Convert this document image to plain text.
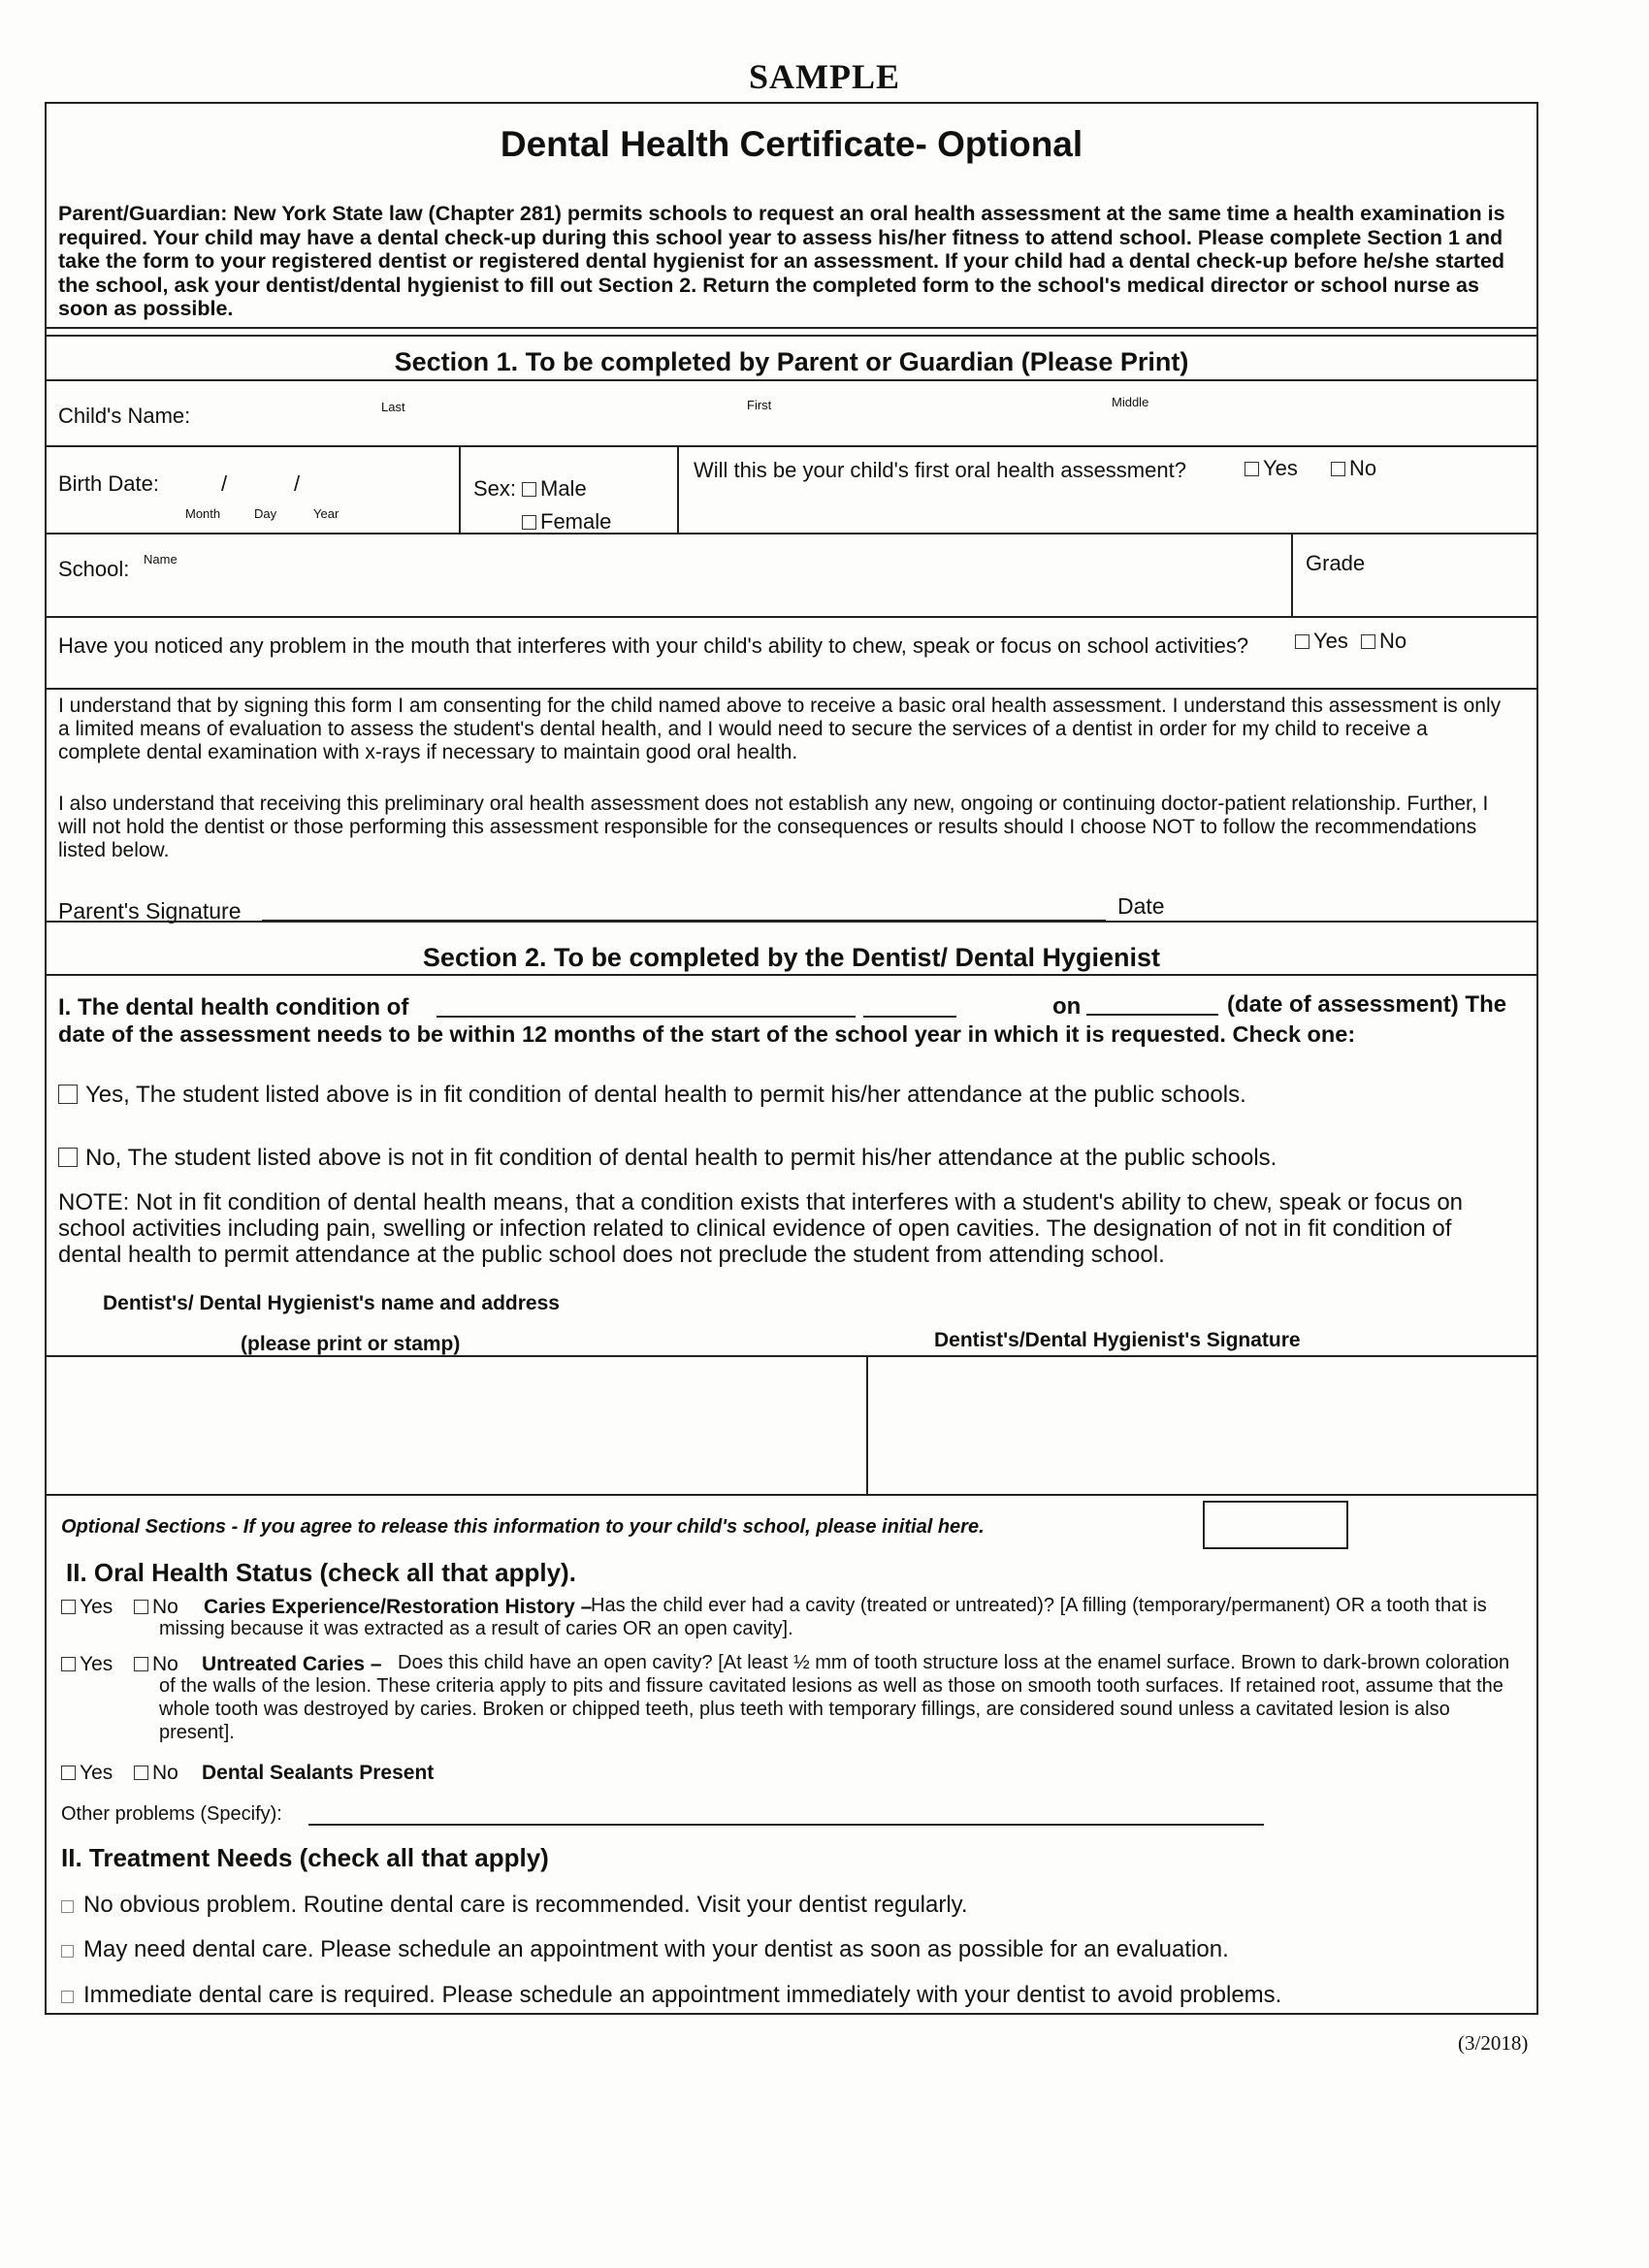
SAMPLE
Dental Health Certificate- Optional
Parent/Guardian: New York State law (Chapter 281) permits schools to request an oral health assessment at the same time a health examination is required. Your child may have a dental check-up during this school year to assess his/her fitness to attend school. Please complete Section 1 and take the form to your registered dentist or registered dental hygienist for an assessment. If your child had a dental check-up before he/she started the school, ask your dentist/dental hygienist to fill out Section 2. Return the completed form to the school's medical director or school nurse as soon as possible.
Section 1. To be completed by Parent or Guardian (Please Print)
Child's Name:	Last	First	Middle
Birth Date:	/	/
Month	Day	Year
Sex:	Male
Female
Will this be your child's first oral health assessment?	Yes	No
School: Name	Grade
Have you noticed any problem in the mouth that interferes with your child's ability to chew, speak or focus on school activities?	Yes	No
I understand that by signing this form I am consenting for the child named above to receive a basic oral health assessment. I understand this assessment is only a limited means of evaluation to assess the student's dental health, and I would need to secure the services of a dentist in order for my child to receive a complete dental examination with x-rays if necessary to maintain good oral health.
I also understand that receiving this preliminary oral health assessment does not establish any new, ongoing or continuing doctor-patient relationship. Further, I will not hold the dentist or those performing this assessment responsible for the consequences or results should I choose NOT to follow the recommendations listed below.
Parent's Signature	Date
Section 2. To be completed by the Dentist/ Dental Hygienist
I. The dental health condition of	on	(date of assessment) The
date of the assessment needs to be within 12 months of the start of the school year in which it is requested. Check one:
Yes, The student listed above is in fit condition of dental health to permit his/her attendance at the public schools.
No, The student listed above is not in fit condition of dental health to permit his/her attendance at the public schools.
NOTE: Not in fit condition of dental health means, that a condition exists that interferes with a student's ability to chew, speak or focus on school activities including pain, swelling or infection related to clinical evidence of open cavities. The designation of not in fit condition of dental health to permit attendance at the public school does not preclude the student from attending school.
Dentist's/ Dental Hygienist's name and address
(please print or stamp)	Dentist's/Dental Hygienist's Signature
Optional Sections - If you agree to release this information to your child's school, please initial here.
II. Oral Health Status (check all that apply).
Yes	No Caries Experience/Restoration History –
Has the child ever had a cavity (treated or untreated)? [A filling (temporary/permanent) OR a tooth that is missing because it was extracted as a result of caries OR an open cavity].
Yes	No Untreated Caries – Does this child have an open cavity? [At least ½ mm of tooth structure loss at the enamel surface. Brown to dark-brown coloration of the walls of the lesion. These criteria apply to pits and fissure cavitated lesions as well as those on smooth tooth surfaces. If retained root, assume that the whole tooth was destroyed by caries. Broken or chipped teeth, plus teeth with temporary fillings, are considered sound unless a cavitated lesion is also present].
Yes	No Dental Sealants Present
Other problems (Specify):
II. Treatment Needs (check all that apply)
No obvious problem. Routine dental care is recommended. Visit your dentist regularly.
May need dental care. Please schedule an appointment with your dentist as soon as possible for an evaluation.
Immediate dental care is required. Please schedule an appointment immediately with your dentist to avoid problems.
(3/2018)
